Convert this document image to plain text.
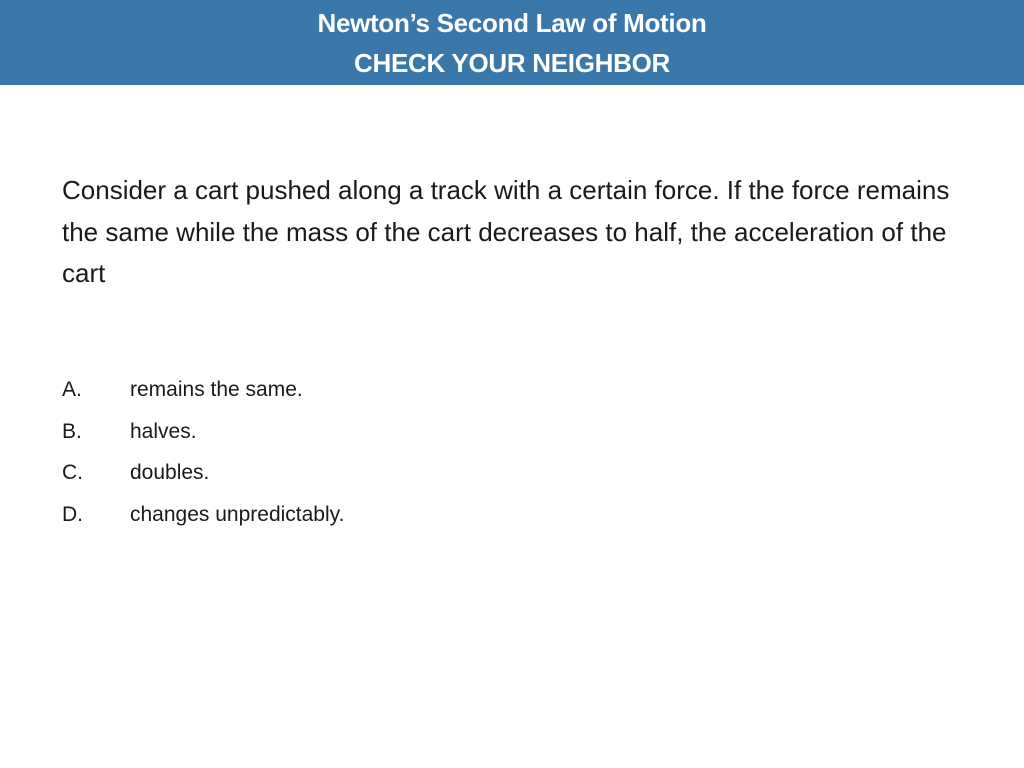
Newton’s Second Law of Motion
CHECK YOUR NEIGHBOR
Consider a cart pushed along a track with a certain force. If the force remains the same while the mass of the cart decreases to half, the acceleration of the cart
A.	remains the same.
B.	halves.
C.	doubles.
D.	changes unpredictably.
